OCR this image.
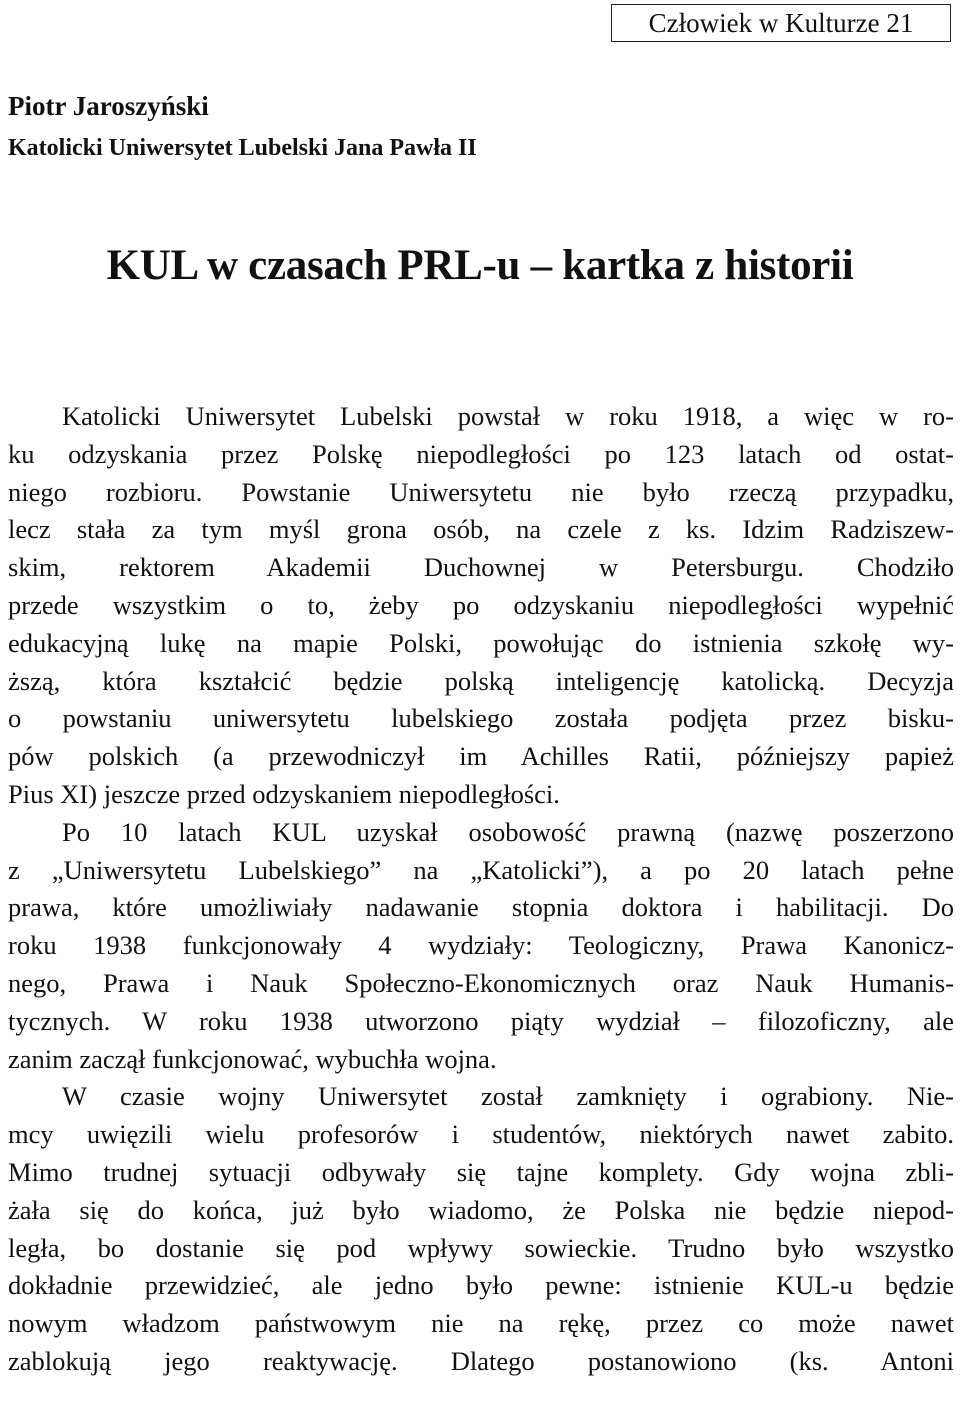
Człowiek w Kulturze 21
Piotr Jaroszyński
Katolicki Uniwersytet Lubelski Jana Pawła II
KUL w czasach PRL-u – kartka z historii
Katolicki Uniwersytet Lubelski powstał w roku 1918, a więc w ro-
ku odzyskania przez Polskę niepodległości po 123 latach od ostat-
niego rozbioru. Powstanie Uniwersytetu nie było rzeczą przypadku,
lecz stała za tym myśl grona osób, na czele z ks. Idzim Radziszew-
skim, rektorem Akademii Duchownej w Petersburgu. Chodziło
przede wszystkim o to, żeby po odzyskaniu niepodległości wypełnić
edukacyjną lukę na mapie Polski, powołując do istnienia szkołę wy-
ższą, która kształcić będzie polską inteligencję katolicką. Decyzja
o powstaniu uniwersytetu lubelskiego została podjęta przez bisku-
pów polskich (a przewodniczył im Achilles Ratii, późniejszy papież
Pius XI) jeszcze przed odzyskaniem niepodległości.
Po 10 latach KUL uzyskał osobowość prawną (nazwę poszerzono
z „Uniwersytetu Lubelskiego” na „Katolicki”), a po 20 latach pełne
prawa, które umożliwiały nadawanie stopnia doktora i habilitacji. Do
roku 1938 funkcjonowały 4 wydziały: Teologiczny, Prawa Kanonicz-
nego, Prawa i Nauk Społeczno-Ekonomicznych oraz Nauk Humanis-
tycznych. W roku 1938 utworzono piąty wydział – filozoficzny, ale
zanim zaczął funkcjonować, wybuchła wojna.
W czasie wojny Uniwersytet został zamknięty i ograbiony. Nie-
mcy uwięzili wielu profesorów i studentów, niektórych nawet zabito.
Mimo trudnej sytuacji odbywały się tajne komplety. Gdy wojna zbli-
żała się do końca, już było wiadomo, że Polska nie będzie niepod-
legła, bo dostanie się pod wpływy sowieckie. Trudno było wszystko
dokładnie przewidzieć, ale jedno było pewne: istnienie KUL-u będzie
nowym władzom państwowym nie na rękę, przez co może nawet
zablokują jego reaktywację. Dlatego postanowiono (ks. Antoni
